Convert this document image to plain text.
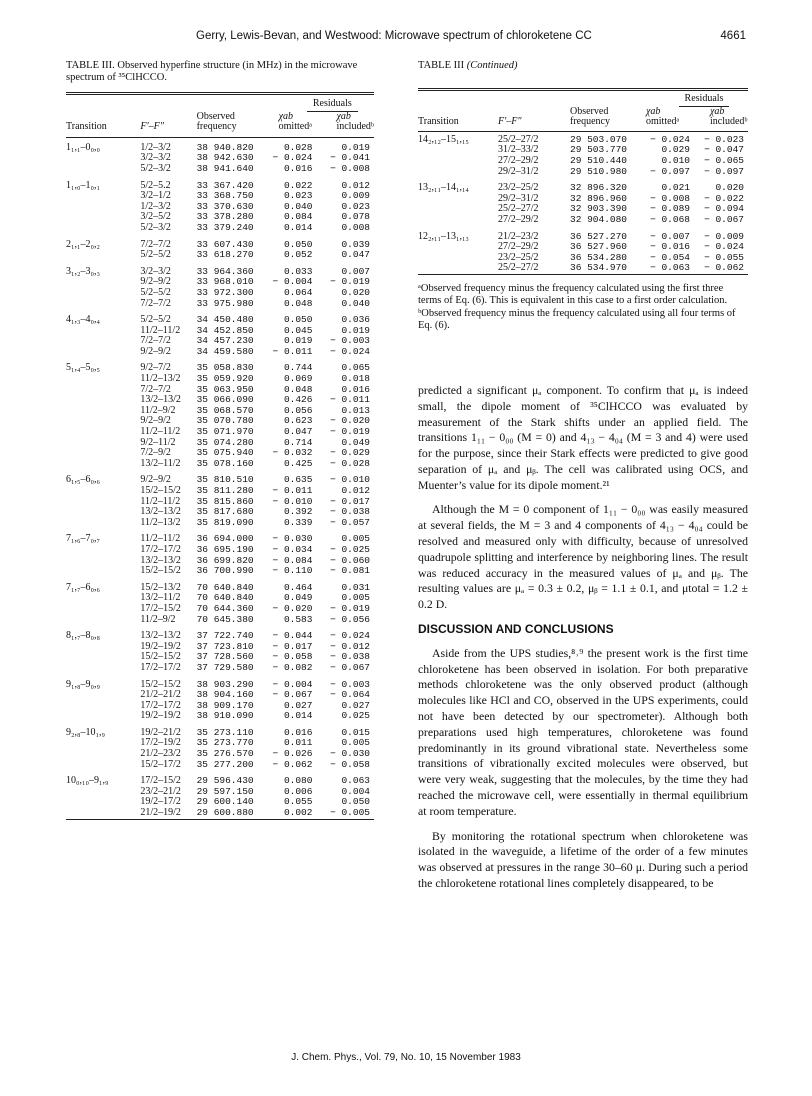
Gerry, Lewis-Bevan, and Westwood: Microwave spectrum of chloroketene CC	4661

TABLE III. Observed hyperfine structure (in MHz) in the microwave spectrum of ³⁵ClHCCO.

			Residuals	
		Observed	χab	χab
Transition	F′–F″	frequency	omittedᵃ	includedᵇ

1₁,₁–0₀,₀	1/2–3/2	38 940.820	0.028	0.019
	3/2–3/2	38 942.630	− 0.024	− 0.041
	5/2–3/2	38 941.640	0.016	− 0.008

1₁,₀–1₀,₁	5/2–5.2	33 367.420	0.022	0.012
	3/2–1/2	33 368.750	0.023	0.009
	1/2–3/2	33 370.630	0.040	0.023
	3/2–5/2	33 378.280	0.084	0.078
	5/2–3/2	33 379.240	0.014	0.008

2₁,₁–2₀,₂	7/2–7/2	33 607.430	0.050	0.039
	5/2–5/2	33 618.270	0.052	0.047

3₁,₂–3₀,₃	3/2–3/2	33 964.360	0.033	0.007
	9/2–9/2	33 968.010	− 0.004	− 0.019
	5/2–5/2	33 972.300	0.064	0.020
	7/2–7/2	33 975.980	0.048	0.040

4₁,₃–4₀,₄	5/2–5/2	34 450.480	0.050	0.036
	11/2–11/2	34 452.850	0.045	0.019
	7/2–7/2	34 457.230	0.019	− 0.003
	9/2–9/2	34 459.580	− 0.011	− 0.024

5₁,₄–5₀,₅	9/2–7/2	35 058.830	0.744	0.065
	11/2–13/2	35 059.920	0.069	0.018
	7/2–7/2	35 063.950	0.048	0.016
	13/2–13/2	35 066.090	0.426	− 0.011
	11/2–9/2	35 068.570	0.056	0.013
	9/2–9/2	35 070.780	0.623	− 0.020
	11/2–11/2	35 071.970	0.047	− 0.019
	9/2–11/2	35 074.280	0.714	0.049
	7/2–9/2	35 075.940	− 0.032	− 0.029
	13/2–11/2	35 078.160	0.425	− 0.028

6₁,₅–6₀,₆	9/2–9/2	35 810.510	0.635	− 0.010
	15/2–15/2	35 811.280	− 0.011	0.012
	11/2–11/2	35 815.860	− 0.010	− 0.017
	13/2–13/2	35 817.680	0.392	− 0.038
	11/2–13/2	35 819.090	0.339	− 0.057

7₁,₆–7₀,₇	11/2–11/2	36 694.000	− 0.030	0.005
	17/2–17/2	36 695.190	− 0.034	− 0.025
	13/2–13/2	36 699.820	− 0.084	− 0.060
	15/2–15/2	36 700.990	− 0.110	− 0.081

7₁,₇–6₀,₆	15/2–13/2	70 640.840	0.464	0.031
	13/2–11/2	70 640.840	0.049	0.005
	17/2–15/2	70 644.360	− 0.020	− 0.019
	11/2–9/2	70 645.380	0.583	− 0.056

8₁,₇–8₀,₈	13/2–13/2	37 722.740	− 0.044	− 0.024
	19/2–19/2	37 723.810	− 0.017	− 0.012
	15/2–15/2	37 728.560	− 0.058	− 0.038
	17/2–17/2	37 729.580	− 0.082	− 0.067

9₁,₈–9₀,₉	15/2–15/2	38 903.290	− 0.004	− 0.003
	21/2–21/2	38 904.160	− 0.067	− 0.064
	17/2–17/2	38 909.170	0.027	0.027
	19/2–19/2	38 910.090	0.014	0.025

9₂,₈–10₁,₉	19/2–21/2	35 273.110	0.016	0.015
	17/2–19/2	35 273.770	0.011	0.005
	21/2–23/2	35 276.570	− 0.026	− 0.030
	15/2–17/2	35 277.200	− 0.062	− 0.058

10₀,₁₀–9₁,₉	17/2–15/2	29 596.430	0.080	0.063
	23/2–21/2	29 597.150	0.006	0.004
	19/2–17/2	29 600.140	0.055	0.050
	21/2–19/2	29 600.880	0.002	− 0.005

TABLE III (Continued)

			Residuals	
		Observed	χab	χab
Transition	F′–F″	frequency	omittedᵃ	includedᵇ

14₂,₁₂–15₁,₁₅	25/2–27/2	29 503.070	− 0.024	− 0.023
	31/2–33/2	29 503.770	0.029	− 0.047
	27/2–29/2	29 510.440	0.010	− 0.065
	29/2–31/2	29 510.980	− 0.097	− 0.097

13₂,₁₁–14₁,₁₄	23/2–25/2	32 896.320	0.021	0.020
	29/2–31/2	32 896.960	− 0.008	− 0.022
	25/2–27/2	32 903.390	− 0.089	− 0.094
	27/2–29/2	32 904.080	− 0.068	− 0.067

12₂,₁₁–13₁,₁₃	21/2–23/2	36 527.270	− 0.007	− 0.009
	27/2–29/2	36 527.960	− 0.016	− 0.024
	23/2–25/2	36 534.280	− 0.054	− 0.055
	25/2–27/2	36 534.970	− 0.063	− 0.062

ᵃObserved frequency minus the frequency calculated using the first three terms of Eq. (6). This is equivalent in this case to a first order calculation.

ᵇObserved frequency minus the frequency calculated using all four terms of Eq. (6).

predicted a significant μₐ component. To confirm that μₐ is indeed small, the dipole moment of ³⁵ClHCCO was evaluated by measurement of the Stark shifts under an applied field. The transitions 1₁₁ − 0₀₀ (M = 0) and 4₁₃ − 4₀₄ (M = 3 and 4) were used for the purpose, since their Stark effects were predicted to give good separation of μₐ and μᵦ. The cell was calibrated using OCS, and Muenter’s value for its dipole moment.²¹

Although the M = 0 component of 1₁₁ − 0₀₀ was easily measured at several fields, the M = 3 and 4 components of 4₁₃ − 4₀₄ could be resolved and measured only with difficulty, because of unresolved quadrupole splitting and interference by neighboring lines. The result was reduced accuracy in the measured values of μₐ and μᵦ. The resulting values are μₐ = 0.3 ± 0.2, μᵦ = 1.1 ± 0.1, and μtotal = 1.2 ± 0.2 D.

DISCUSSION AND CONCLUSIONS

Aside from the UPS studies,⁸˒⁹ the present work is the first time chloroketene has been observed in isolation. For both preparative methods chloroketene was the only observed product (although molecules like HCl and CO, observed in the UPS experiments, could not have been detected by our spectrometer). Although both preparations used high temperatures, chloroketene was found predominantly in its ground vibrational state. Nevertheless some transitions of vibrationally excited molecules were observed, but were very weak, suggesting that the molecules, by the time they had reached the microwave cell, were essentially in thermal equilibrium at room temperature.

By monitoring the rotational spectrum when chloroketene was isolated in the waveguide, a lifetime of the order of a few minutes was observed at pressures in the range 30–60 μ. During such a period the chloroketene rotational lines completely disappeared, to be

J. Chem. Phys., Vol. 79, No. 10, 15 November 1983
